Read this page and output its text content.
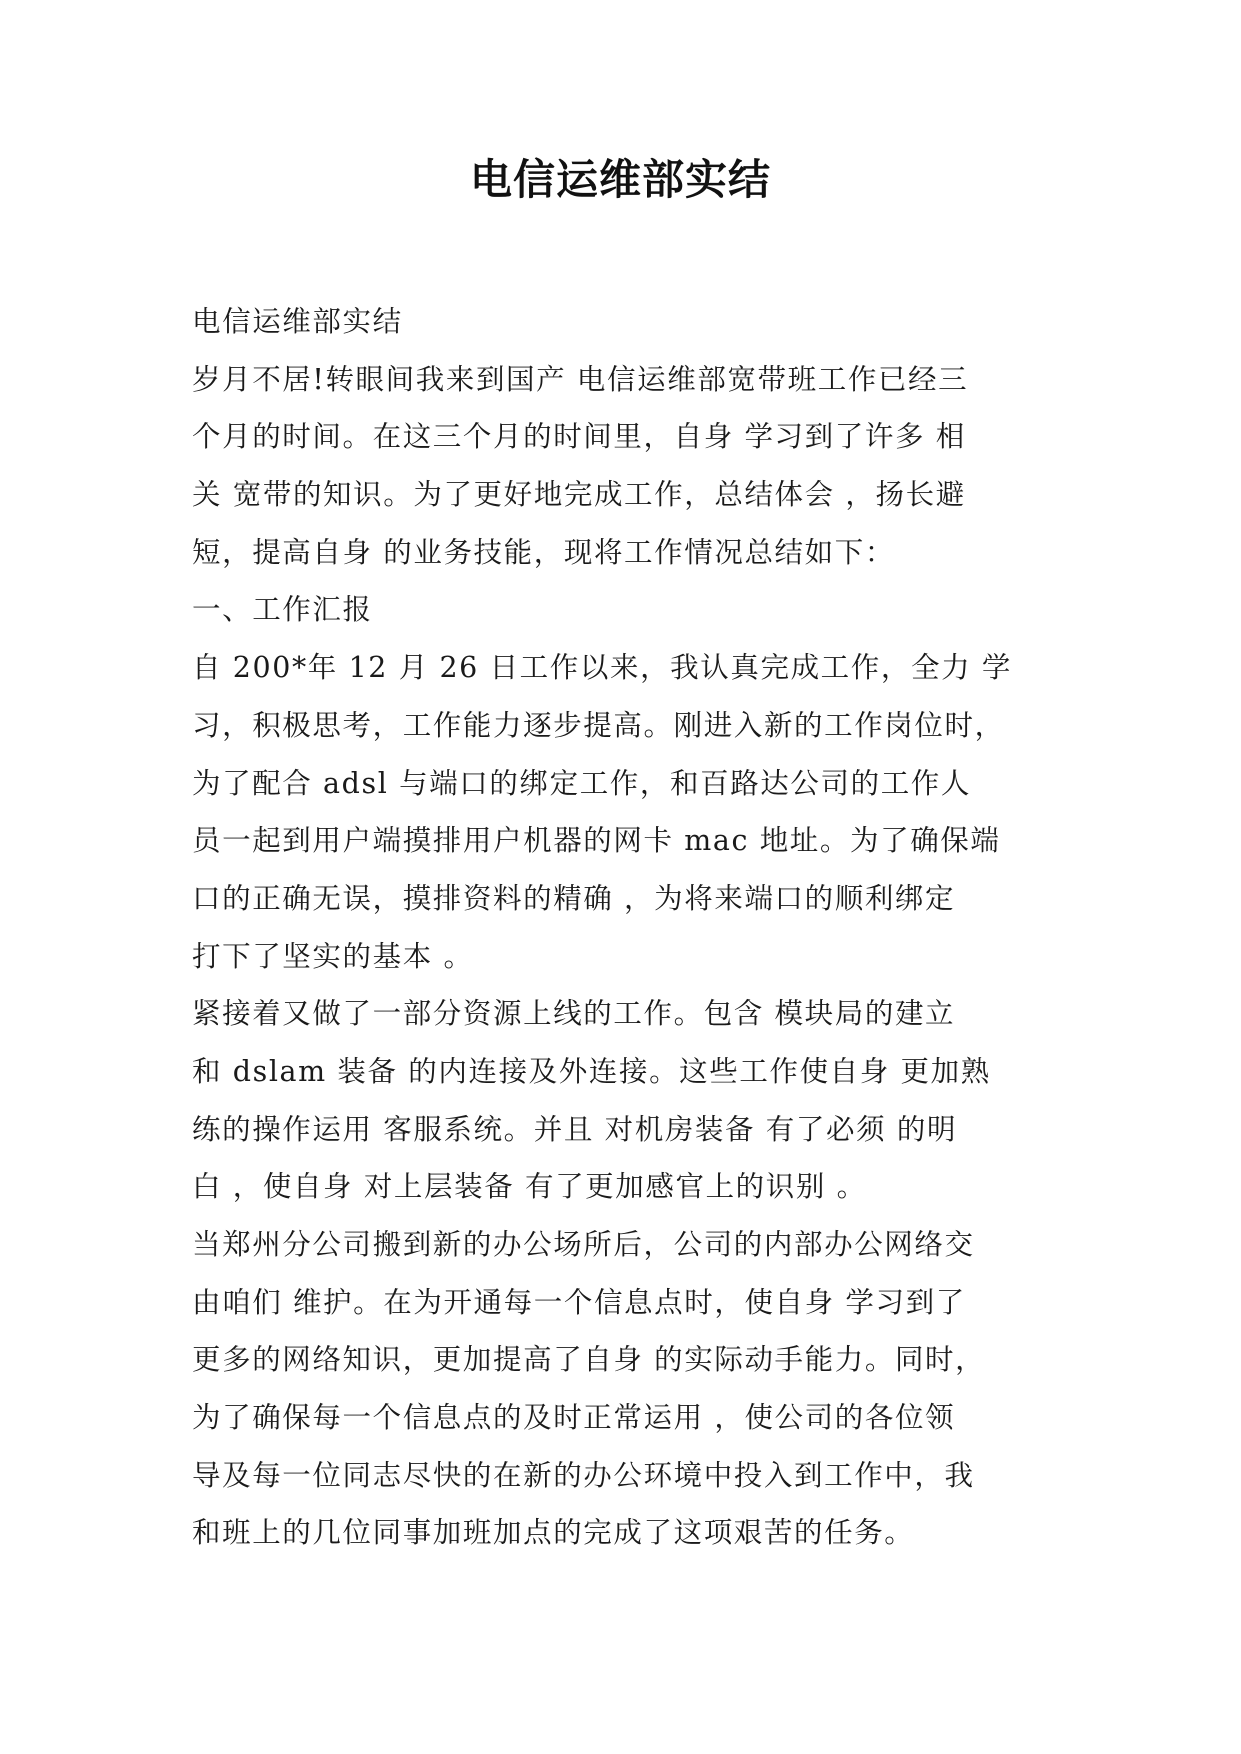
电信运维部实结

电信运维部实结

岁月不居!转眼间我来到国产 电信运维部宽带班工作已经三

个月的时间。在这三个月的时间里，自身 学习到了许多 相

关 宽带的知识。为了更好地完成工作，总结体会 ，扬长避

短，提高自身 的业务技能，现将工作情况总结如下：

一、工作汇报

自 200*年 12 月 26 日工作以来，我认真完成工作，全力 学

习，积极思考，工作能力逐步提高。刚进入新的工作岗位时，

为了配合 adsl 与端口的绑定工作，和百路达公司的工作人

员一起到用户端摸排用户机器的网卡 mac 地址。为了确保端

口的正确无误，摸排资料的精确 ，为将来端口的顺利绑定

打下了坚实的基本 。

紧接着又做了一部分资源上线的工作。包含 模块局的建立

和 dslam 装备 的内连接及外连接。这些工作使自身 更加熟

练的操作运用 客服系统。并且 对机房装备 有了必须 的明

白 ，使自身 对上层装备 有了更加感官上的识别 。

当郑州分公司搬到新的办公场所后，公司的内部办公网络交

由咱们 维护。在为开通每一个信息点时，使自身 学习到了

更多的网络知识，更加提高了自身 的实际动手能力。同时，

为了确保每一个信息点的及时正常运用 ，使公司的各位领

导及每一位同志尽快的在新的办公环境中投入到工作中，我

和班上的几位同事加班加点的完成了这项艰苦的任务。
